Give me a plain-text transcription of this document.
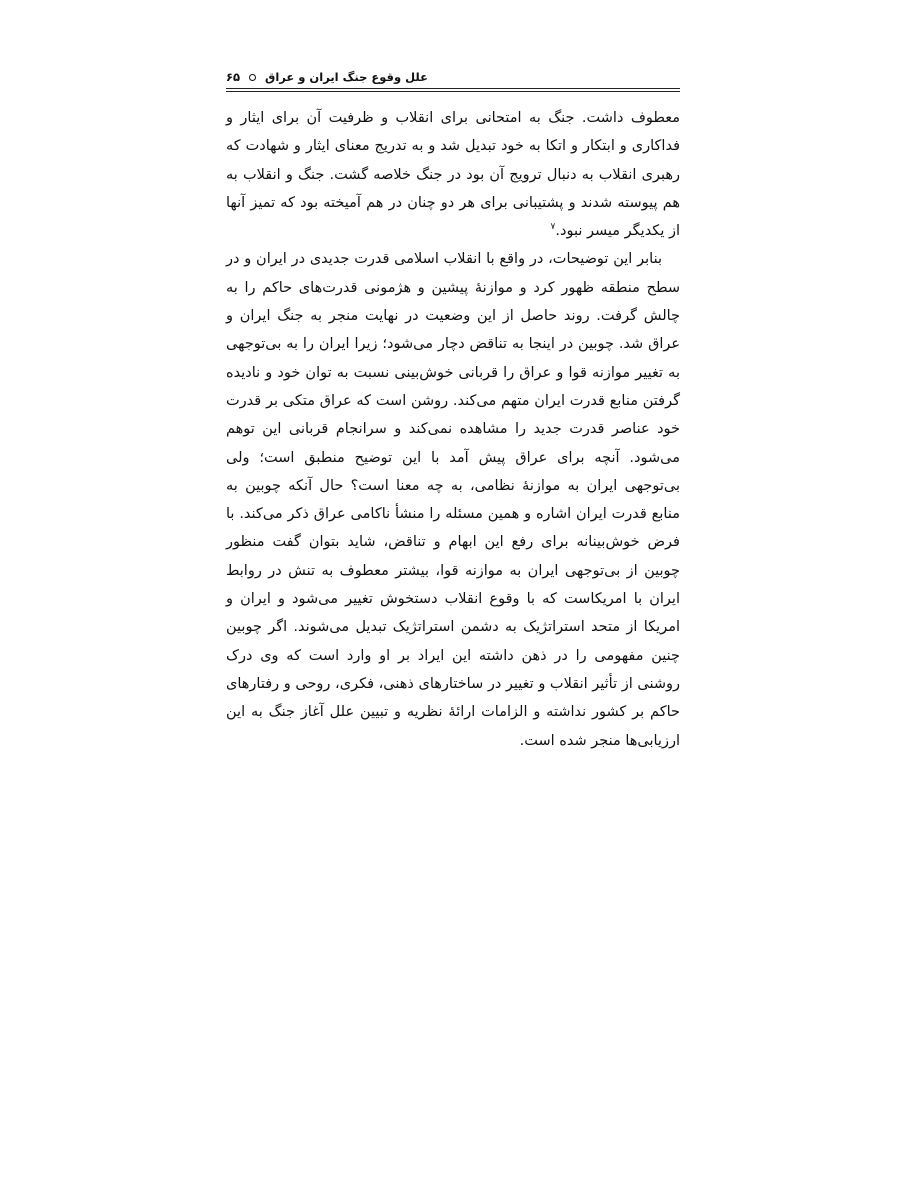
علل وقوع جنگ ایران و عراق
۶۵

معطوف داشت. جنگ به امتحانی برای انقلاب و ظرفیت آن برای ایثار و فداکاری و ابتکار و اتکا به خود تبدیل شد و به تدریج معنای ایثار و شهادت که رهبری انقلاب به دنبال ترویج آن بود در جنگ خلاصه گشت. جنگ و انقلاب به هم پیوسته شدند و پشتیبانی برای هر دو چنان در هم آمیخته بود که تمیز آنها از یکدیگر میسر نبود.$^۷$

بنابر این توضیحات، در واقع با انقلاب اسلامی قدرت جدیدی در ایران و در سطح منطقه ظهور کرد و موازنهٔ پیشین و هژمونی قدرت‌های حاکم را به چالش گرفت. روند حاصل از این وضعیت در نهایت منجر به جنگ ایران و عراق شد. چوبین در اینجا به تناقض دچار می‌شود؛ زیرا ایران را به بی‌توجهی به تغییر موازنه قوا و عراق را قربانی خوش‌بینی نسبت به توان خود و نادیده گرفتن منابع قدرت ایران متهم می‌کند. روشن است که عراق متکی بر قدرت خود عناصر قدرت جدید را مشاهده نمی‌کند و سرانجام قربانی این توهم می‌شود. آنچه برای عراق پیش آمد با این توضیح منطبق است؛ ولی بی‌توجهی ایران به موازنهٔ نظامی، به چه معنا است؟ حال آنکه چوبین به منابع قدرت ایران اشاره و همین مسئله را منشأ ناکامی عراق ذکر می‌کند. با فرض خوش‌بینانه برای رفع این ابهام و تناقض، شاید بتوان گفت منظور چوبین از بی‌توجهی ایران به موازنه قوا، بیشتر معطوف به تنش در روابط ایران با امریکاست که با وقوع انقلاب دستخوش تغییر می‌شود و ایران و امریکا از متحد استراتژیک به دشمن استراتژیک تبدیل می‌شوند. اگر چوبین چنین مفهومی را در ذهن داشته این ایراد بر او وارد است که وی درک روشنی از تأثیر انقلاب و تغییر در ساختارهای ذهنی، فکری، روحی و رفتارهای حاکم بر کشور نداشته و الزامات ارائهٔ نظریه و تبیین علل آغاز جنگ به این ارزیابی‌ها منجر شده است.
